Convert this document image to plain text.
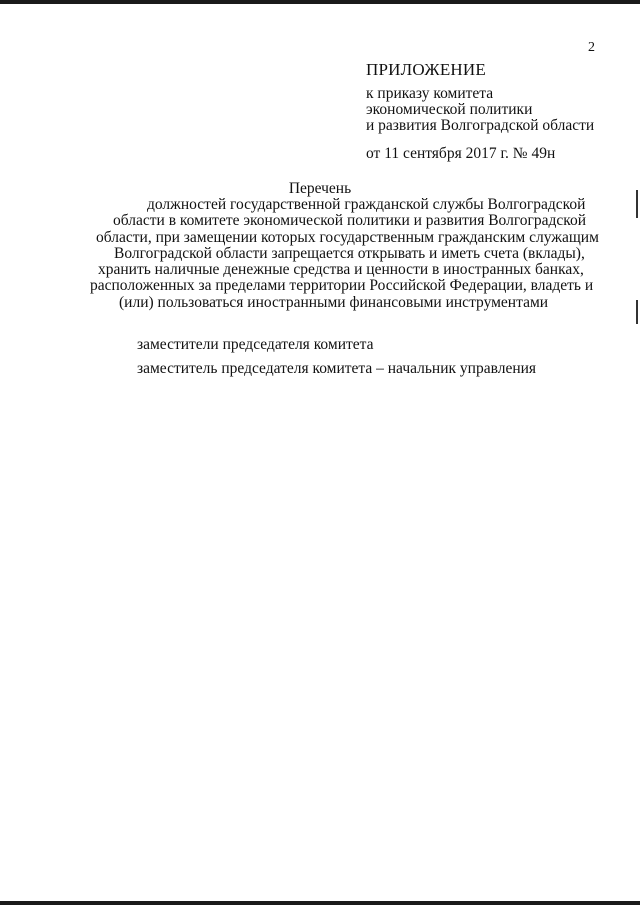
2
ПРИЛОЖЕНИЕ
к приказу комитета
экономической политики
и развития Волгоградской области
от 11 сентября 2017 г. № 49н
Перечень
должностей государственной гражданской службы Волгоградской
области в комитете экономической политики и развития Волгоградской
области, при замещении которых государственным гражданским служащим
Волгоградской области запрещается открывать и иметь счета (вклады),
хранить наличные денежные средства и ценности в иностранных банках,
расположенных за пределами территории Российской Федерации, владеть и
(или) пользоваться иностранными финансовыми инструментами
заместители председателя комитета
заместитель председателя комитета – начальник управления
